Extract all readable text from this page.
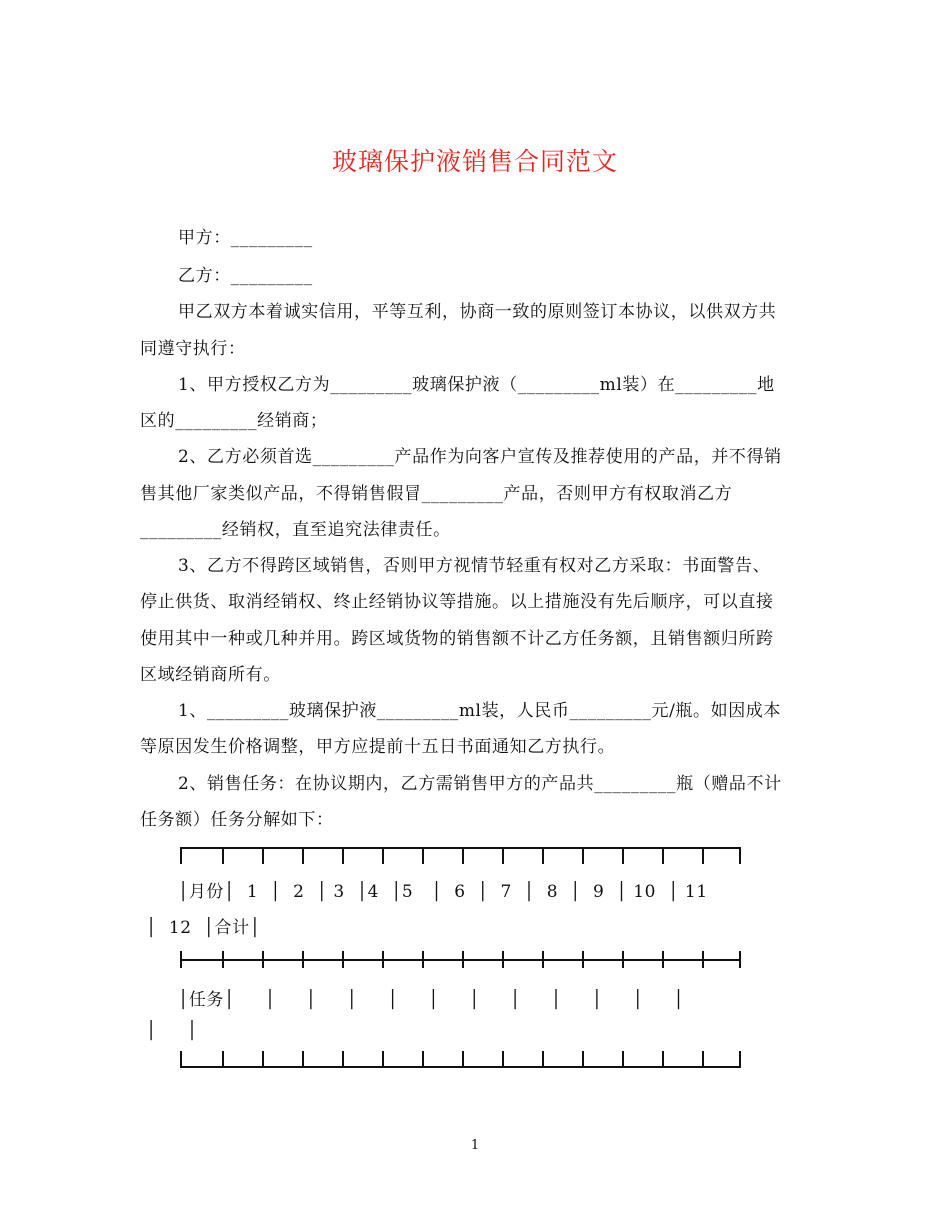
玻璃保护液销售合同范文
甲方：_________
乙方：_________
甲乙双方本着诚实信用，平等互利，协商一致的原则签订本协议，以供双方共
同遵守执行：
1、甲方授权乙方为_________玻璃保护液（_________ml装）在_________地
区的_________经销商；
2、乙方必须首选_________产品作为向客户宣传及推荐使用的产品，并不得销
售其他厂家类似产品，不得销售假冒_________产品，否则甲方有权取消乙方
_________经销权，直至追究法律责任。
3、乙方不得跨区域销售，否则甲方视情节轻重有权对乙方采取：书面警告、
停止供货、取消经销权、终止经销协议等措施。以上措施没有先后顺序，可以直接
使用其中一种或几种并用。跨区域货物的销售额不计乙方任务额，且销售额归所跨
区域经销商所有。
1、_________玻璃保护液_________ml装，人民币_________元/瓶。如因成本
等原因发生价格调整，甲方应提前十五日书面通知乙方执行。
2、销售任务：在协议期内，乙方需销售甲方的产品共_________瓶（赠品不计
任务额）任务分解如下：
│月份│  1  │  2  │ 3  │4  │5   │  6  │  7  │  8  │  9  │ 10  │ 11
│  12  │合计│
│任务│     │     │     │     │     │     │     │     │     │     │     │
│     │
1
